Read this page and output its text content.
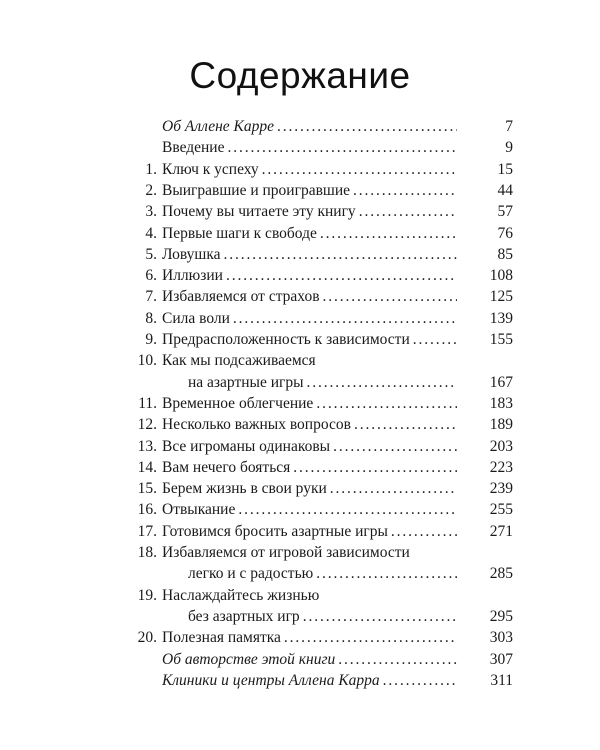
Содержание
Об Аллене Карре . . .	7
Введение . . .	9
1. Ключ к успеху . . .	15
2. Выигравшие и проигравшие . . .	44
3. Почему вы читаете эту книгу . . .	57
4. Первые шаги к свободе . . .	76
5. Ловушка . . .	85
6. Иллюзии . . .	108
7. Избавляемся от страхов . . .	125
8. Сила воли . . .	139
9. Предрасположенность к зависимости . . .	155
10. Как мы подсаживаемся
на азартные игры . . .	167
11. Временное облегчение . . .	183
12. Несколько важных вопросов . . .	189
13. Все игроманы одинаковы . . .	203
14. Вам нечего бояться . . .	223
15. Берем жизнь в свои руки . . .	239
16. Отвыкание . . .	255
17. Готовимся бросить азартные игры . . .	271
18. Избавляемся от игровой зависимости
легко и с радостью . . .	285
19. Наслаждайтесь жизнью
без азартных игр . . .	295
20. Полезная памятка . . .	303
Об авторстве этой книги . . .	307
Клиники и центры Аллена Карра . . .	311
